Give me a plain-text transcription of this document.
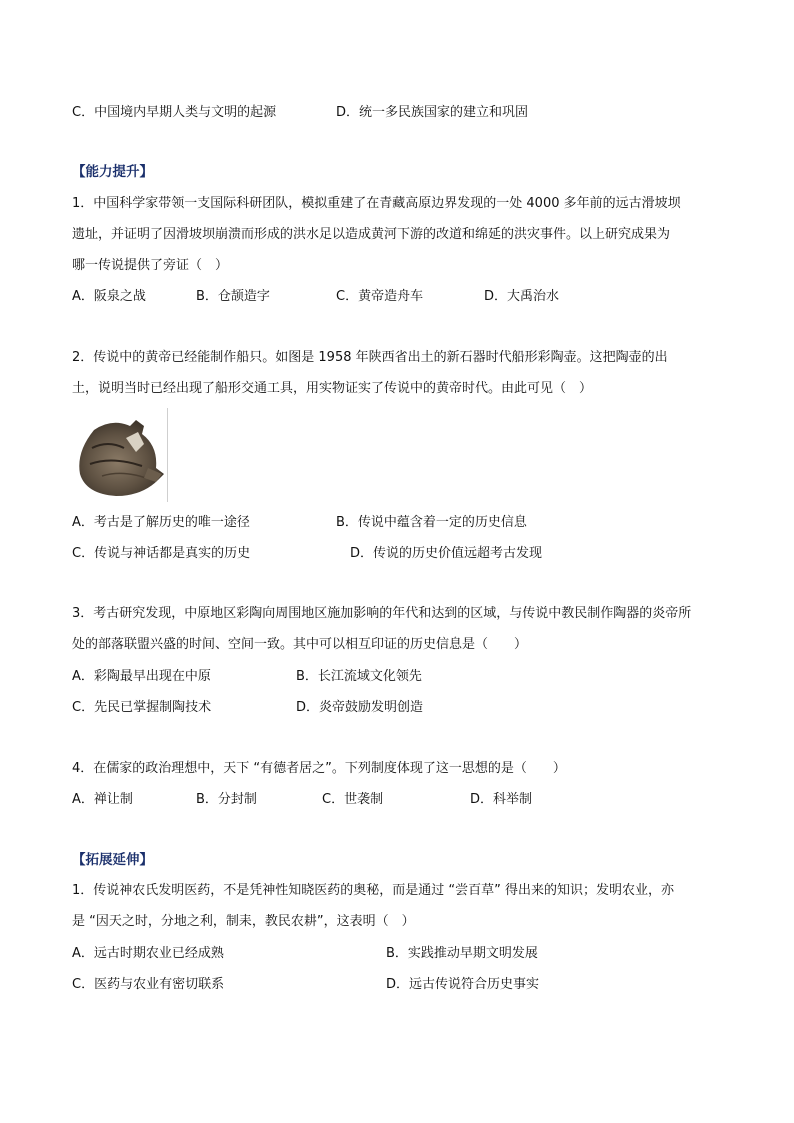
C．中国境内早期人类与文明的起源	D．统一多民族国家的建立和巩固
【能力提升】
1．中国科学家带领一支国际科研团队，模拟重建了在青藏高原边界发现的一处 4000 多年前的远古滑坡坝
遗址，并证明了因滑坡坝崩溃而形成的洪水足以造成黄河下游的改道和绵延的洪灾事件。以上研究成果为
哪一传说提供了旁证（　）
A．阪泉之战	B．仓颉造字	C．黄帝造舟车	D．大禹治水
2．传说中的黄帝已经能制作船只。如图是 1958 年陕西省出土的新石器时代船形彩陶壶。这把陶壶的出
土，说明当时已经出现了船形交通工具，用实物证实了传说中的黄帝时代。由此可见（　）
A．考古是了解历史的唯一途径	B．传说中蕴含着一定的历史信息
C．传说与神话都是真实的历史	D．传说的历史价值远超考古发现
3．考古研究发现，中原地区彩陶向周围地区施加影响的年代和达到的区域，与传说中教民制作陶器的炎帝所
处的部落联盟兴盛的时间、空间一致。其中可以相互印证的历史信息是（　　）
A．彩陶最早出现在中原	B．长江流域文化领先
C．先民已掌握制陶技术	D．炎帝鼓励发明创造
4．在儒家的政治理想中，天下 “有德者居之”。下列制度体现了这一思想的是（　　）
A．禅让制	B．分封制	C．世袭制	D．科举制
【拓展延伸】
1．传说神农氏发明医药，不是凭神性知晓医药的奥秘，而是通过 “尝百草” 得出来的知识；发明农业，亦
是 “因天之时，分地之利，制耒，教民农耕”，这表明（　）
A．远古时期农业已经成熟	B．实践推动早期文明发展
C．医药与农业有密切联系	D．远古传说符合历史事实
